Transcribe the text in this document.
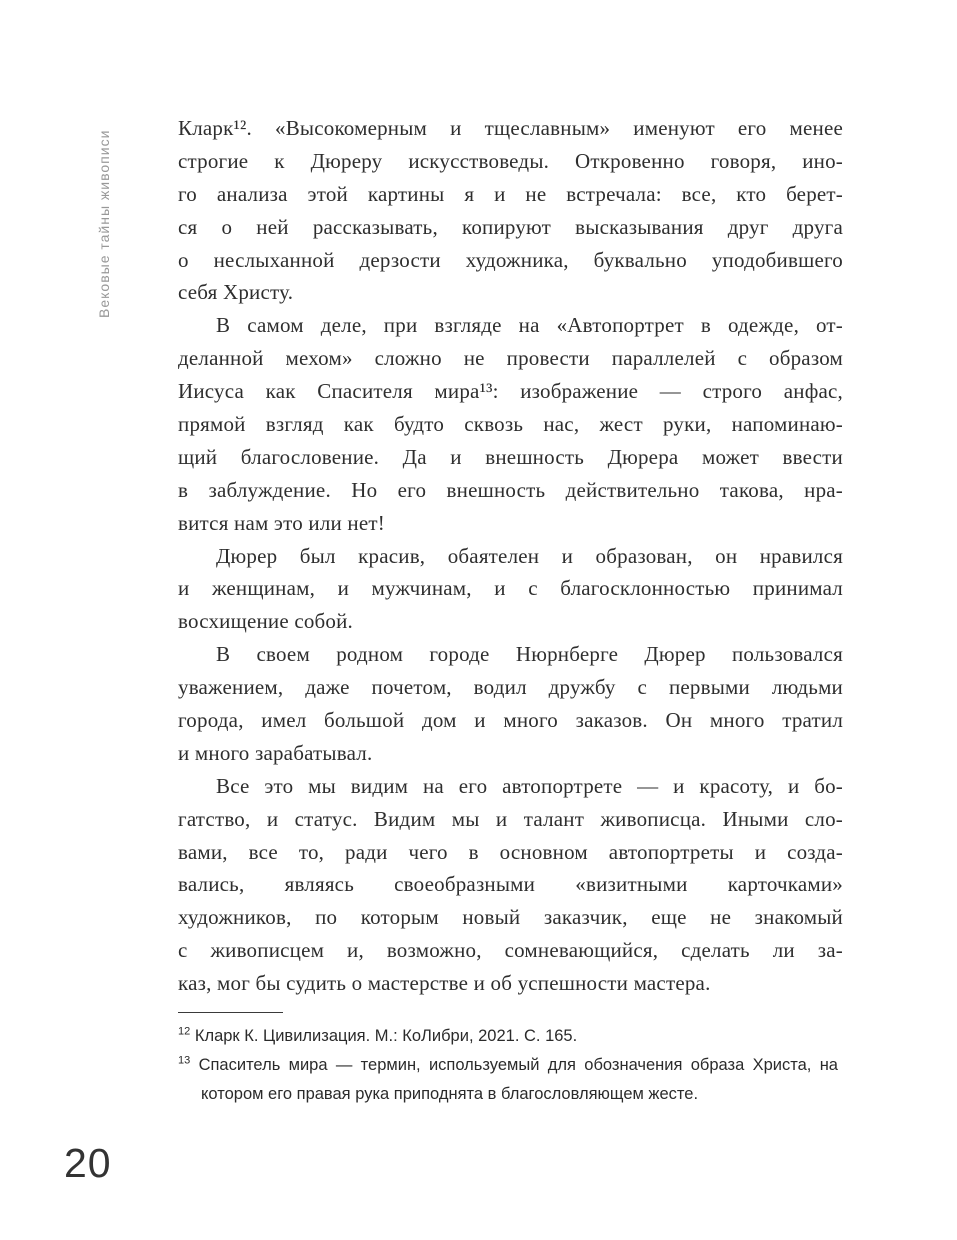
Вековые тайны живописи
Кларк¹². «Высокомерным и тщеславным» именуют его менее
строгие к Дюреру искусствоведы. Откровенно говоря, ино-
го анализа этой картины я и не встречала: все, кто берет-
ся о ней рассказывать, копируют высказывания друг друга
о неслыханной дерзости художника, буквально уподобившего
себя Христу.
В самом деле, при взгляде на «Автопортрет в одежде, от-
деланной мехом» сложно не провести параллелей с образом
Иисуса как Спасителя мира¹³: изображение — строго анфас,
прямой взгляд как будто сквозь нас, жест руки, напоминаю-
щий благословение. Да и внешность Дюрера может ввести
в заблуждение. Но его внешность действительно такова, нра-
вится нам это или нет!
Дюрер был красив, обаятелен и образован, он нравился
и женщинам, и мужчинам, и с благосклонностью принимал
восхищение собой.
В своем родном городе Нюрнберге Дюрер пользовался
уважением, даже почетом, водил дружбу с первыми людьми
города, имел большой дом и много заказов. Он много тратил
и много зарабатывал.
Все это мы видим на его автопортрете — и красоту, и бо-
гатство, и статус. Видим мы и талант живописца. Иными сло-
вами, все то, ради чего в основном автопортреты и созда-
вались, являясь своеобразными «визитными карточками»
художников, по которым новый заказчик, еще не знакомый
с живописцем и, возможно, сомневающийся, сделать ли за-
каз, мог бы судить о мастерстве и об успешности мастера.
$^{12}$ Кларк К. Цивилизация. М.: КоЛибри, 2021. С. 165.
$^{13}$ Спаситель мира — термин, используемый для обозначения образа Христа, на котором его правая рука приподнята в благословляющем жесте.
20
